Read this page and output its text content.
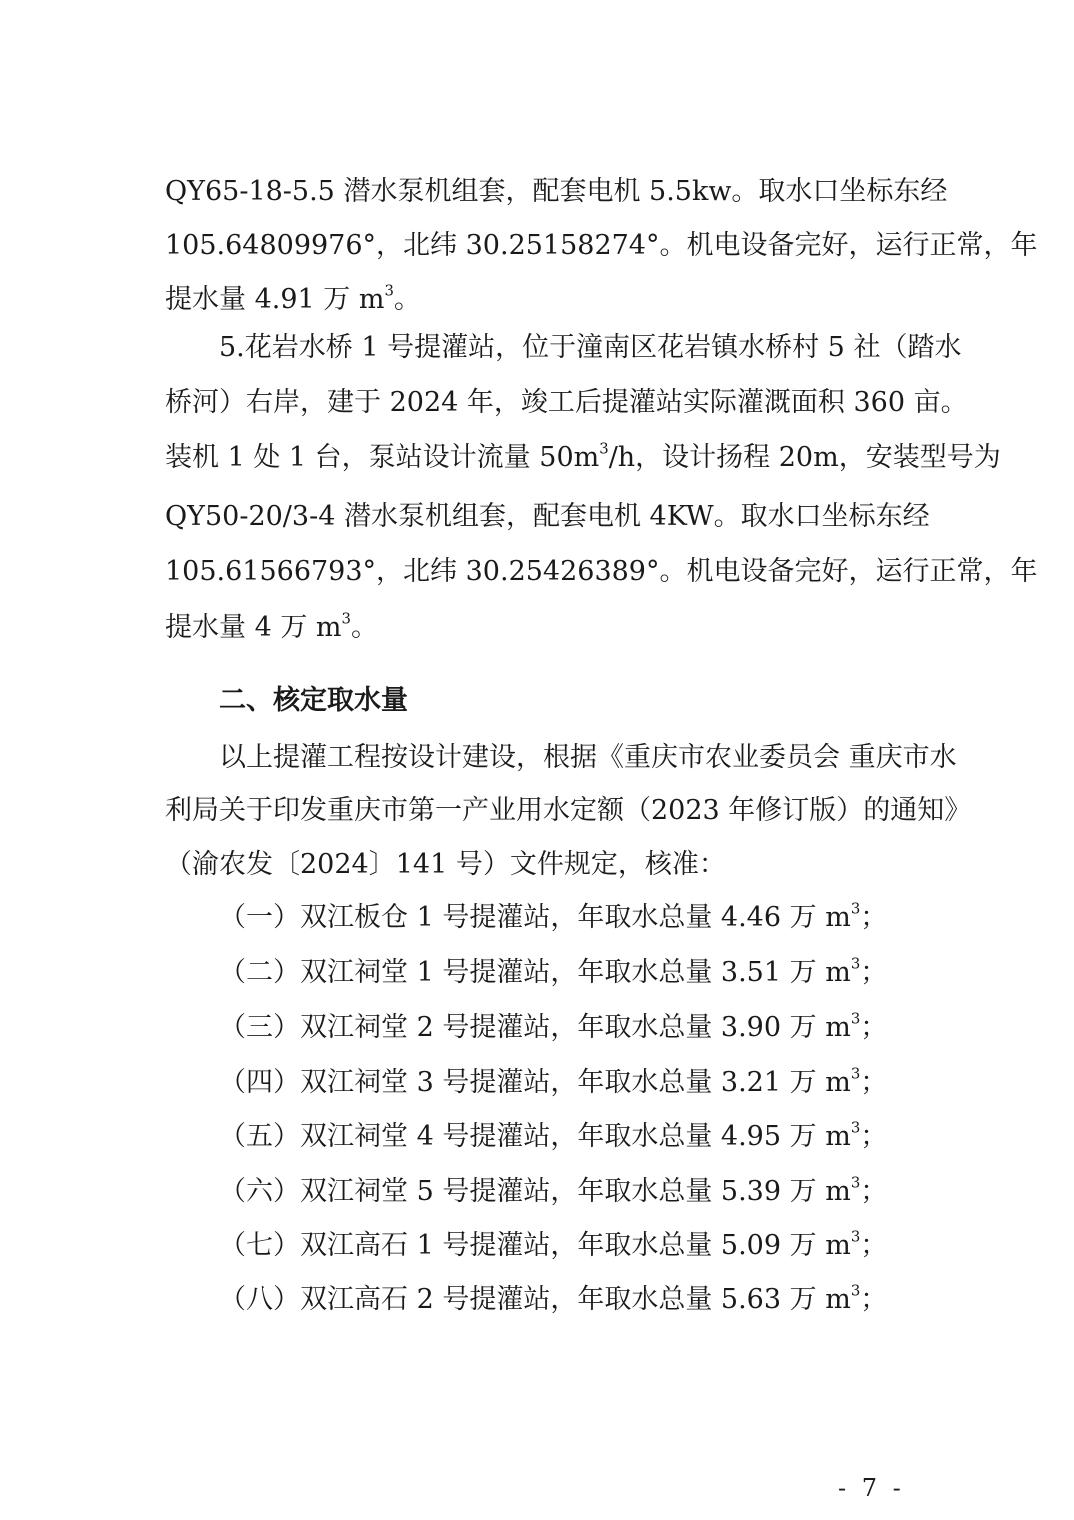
QY65-18-5.5 潜水泵机组套，配套电机 5.5kw。取水口坐标东经
105.64809976°，北纬 30.25158274°。机电设备完好，运行正常，年
提水量 4.91 万 $m^3$。
5.花岩水桥 1 号提灌站，位于潼南区花岩镇水桥村 5 社（踏水
桥河）右岸，建于 2024 年，竣工后提灌站实际灌溉面积 360 亩。
装机 1 处 1 台，泵站设计流量 $50m^3/h$，设计扬程 20m，安装型号为
QY50-20/3-4 潜水泵机组套，配套电机 4KW。取水口坐标东经
105.61566793°，北纬 30.25426389°。机电设备完好，运行正常，年
提水量 4 万 $m^3$。
二、核定取水量
以上提灌工程按设计建设，根据《重庆市农业委员会 重庆市水
利局关于印发重庆市第一产业用水定额（2023 年修订版）的通知》
（渝农发〔2024〕141 号）文件规定，核准：
（一）双江板仓 1 号提灌站，年取水总量 4.46 万 $m^3$；
（二）双江祠堂 1 号提灌站，年取水总量 3.51 万 $m^3$；
（三）双江祠堂 2 号提灌站，年取水总量 3.90 万 $m^3$；
（四）双江祠堂 3 号提灌站，年取水总量 3.21 万 $m^3$；
（五）双江祠堂 4 号提灌站，年取水总量 4.95 万 $m^3$；
（六）双江祠堂 5 号提灌站，年取水总量 5.39 万 $m^3$；
（七）双江高石 1 号提灌站，年取水总量 5.09 万 $m^3$；
（八）双江高石 2 号提灌站，年取水总量 5.63 万 $m^3$；
- 7 -
